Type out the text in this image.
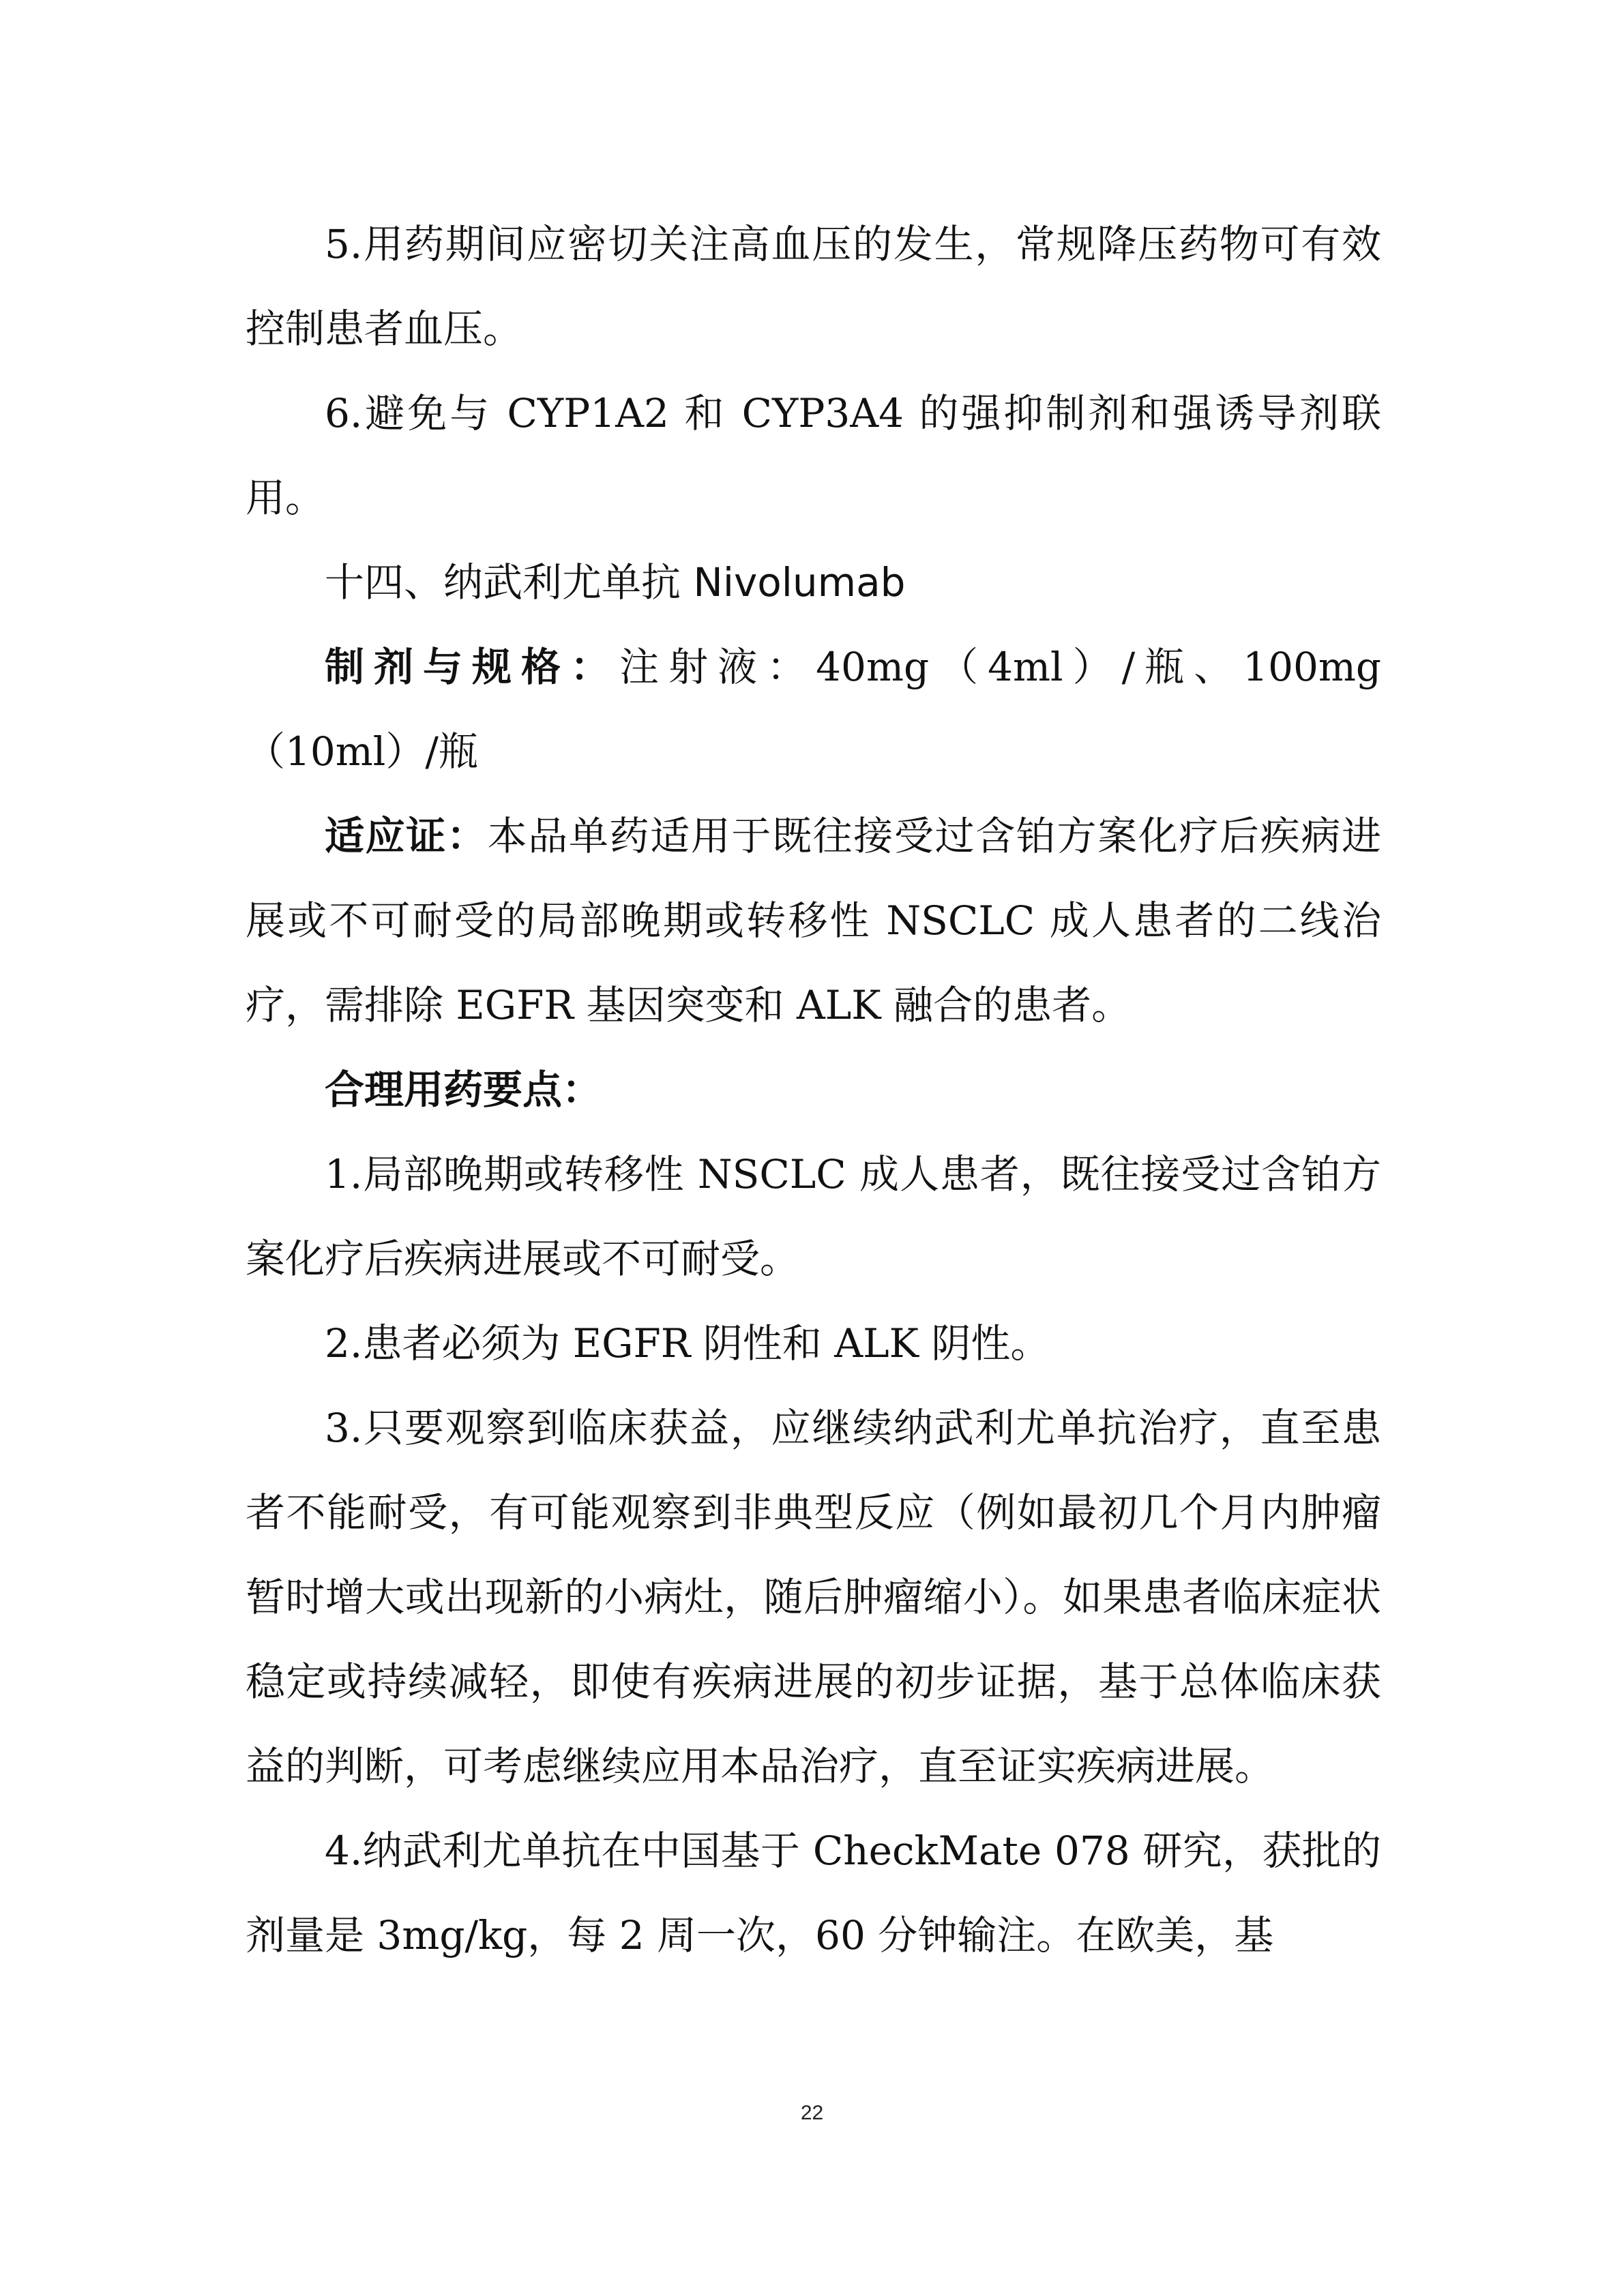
5.用药期间应密切关注高血压的发生，常规降压药物可有效控制患者血压。

6.避免与 CYP1A2 和 CYP3A4 的强抑制剂和强诱导剂联用。

十四、纳武利尤单抗 Nivolumab

制剂与规格：注射液：40mg（4ml）/瓶、100mg（10ml）/瓶

适应证：本品单药适用于既往接受过含铂方案化疗后疾病进展或不可耐受的局部晚期或转移性 NSCLC 成人患者的二线治疗，需排除 EGFR 基因突变和 ALK 融合的患者。

合理用药要点：

1.局部晚期或转移性 NSCLC 成人患者，既往接受过含铂方案化疗后疾病进展或不可耐受。

2.患者必须为 EGFR 阴性和 ALK 阴性。

3.只要观察到临床获益，应继续纳武利尤单抗治疗，直至患者不能耐受，有可能观察到非典型反应（例如最初几个月内肿瘤暂时增大或出现新的小病灶，随后肿瘤缩小）。如果患者临床症状稳定或持续减轻，即使有疾病进展的初步证据，基于总体临床获益的判断，可考虑继续应用本品治疗，直至证实疾病进展。

4.纳武利尤单抗在中国基于 CheckMate 078 研究，获批的剂量是 3mg/kg，每 2 周一次，60 分钟输注。在欧美，基

22
